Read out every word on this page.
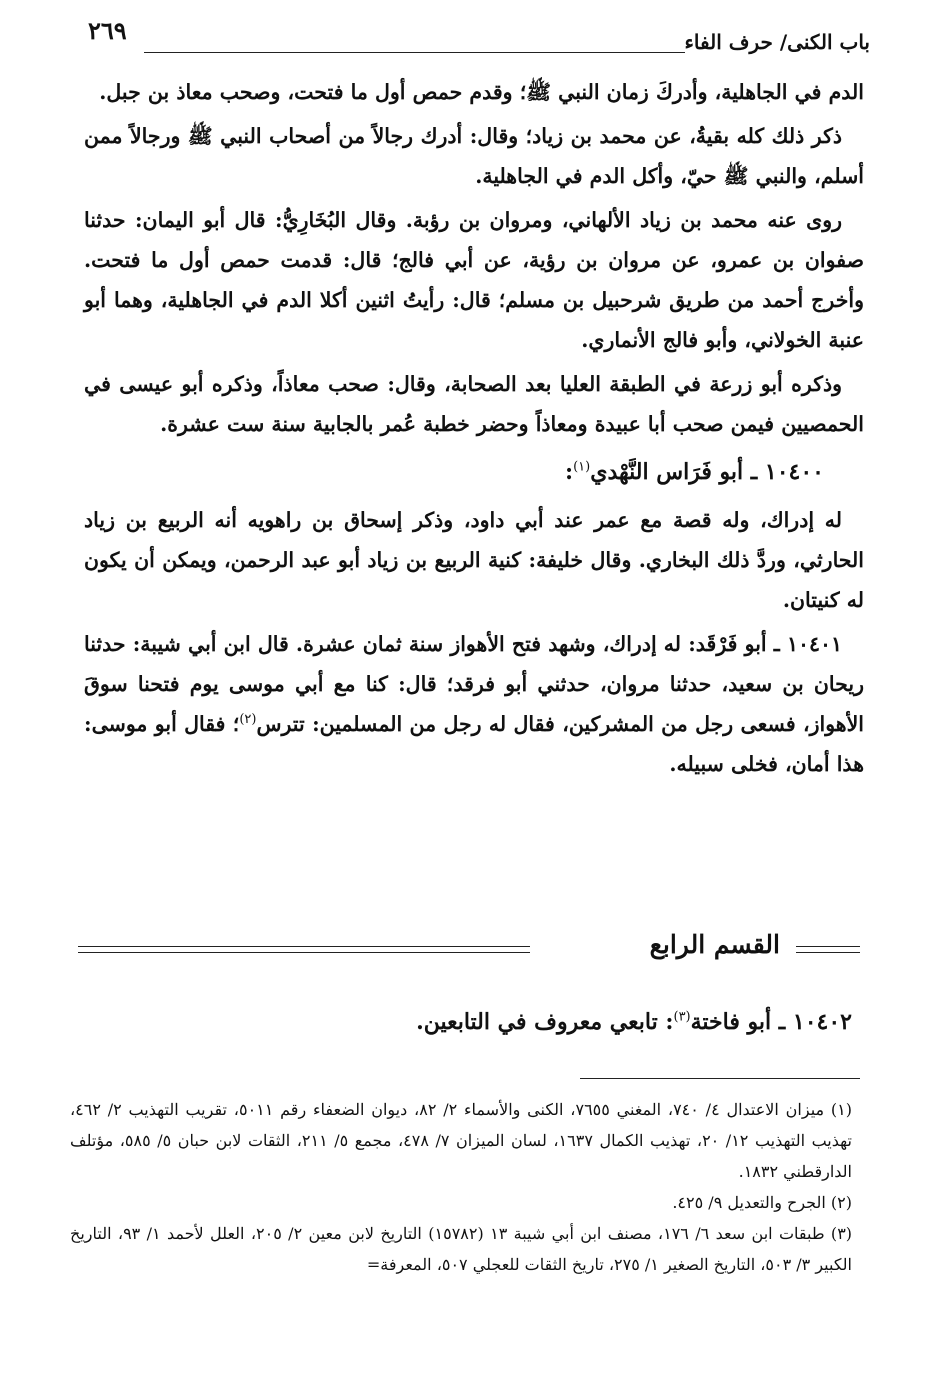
باب الكنى/ حرف الفاء
٢٦٩

الدم في الجاهلية، وأدركَ زمان النبي ﷺ؛ وقدم حمص أول ما فتحت، وصحب معاذ بن جبل.

ذكر ذلك كله بقيةُ، عن محمد بن زياد؛ وقال: أدرك رجالاً من أصحاب النبي ﷺ ورجالاً ممن أسلم، والنبي ﷺ حيّ، وأكل الدم في الجاهلية.

روى عنه محمد بن زياد الألهاني، ومروان بن رؤبة. وقال البُخَارِيُّ: قال أبو اليمان: حدثنا صفوان بن عمرو، عن مروان بن رؤية، عن أبي فالج؛ قال: قدمت حمص أول ما فتحت. وأخرج أحمد من طريق شرحبيل بن مسلم؛ قال: رأيتُ اثنين أكلا الدم في الجاهلية، وهما أبو عنبة الخولاني، وأبو فالج الأنماري.

وذكره أبو زرعة في الطبقة العليا بعد الصحابة، وقال: صحب معاذاً، وذكره أبو عيسى في الحمصيين فيمن صحب أبا عبيدة ومعاذاً وحضر خطبة عُمر بالجابية سنة ست عشرة.

١٠٤٠٠ ـ أبو فَرَاس النَّهْدي$^{(١)}$:

له إدراك، وله قصة مع عمر عند أبي داود، وذكر إسحاق بن راهويه أنه الربيع بن زياد الحارثي، وردَّ ذلك البخاري. وقال خليفة: كنية الربيع بن زياد أبو عبد الرحمن، ويمكن أن يكون له كنيتان.

١٠٤٠١ ـ أبو فَرْقَد: له إدراك، وشهد فتح الأهواز سنة ثمان عشرة. قال ابن أبي شيبة: حدثنا ريحان بن سعيد، حدثنا مروان، حدثني أبو فرقد؛ قال: كنا مع أبي موسى يوم فتحنا سوقَ الأهواز، فسعى رجل من المشركين، فقال له رجل من المسلمين: تترس$^{(٢)}$؛ فقال أبو موسى: هذا أمان، فخلى سبيله.

القسم الرابع
١٠٤٠٢ ـ أبو فاختة$^{(٣)}$: تابعي معروف في التابعين.

(١) ميزان الاعتدال ٤/ ٧٤٠، المغني ٧٦٥٥، الكنى والأسماء ٢/ ٨٢، ديوان الضعفاء رقم ٥٠١١، تقريب التهذيب ٢/ ٤٦٢، تهذيب التهذيب ١٢/ ٢٠، تهذيب الكمال ١٦٣٧، لسان الميزان ٧/ ٤٧٨، مجمع ٥/ ٢١١، الثقات لابن حبان ٥/ ٥٨٥، مؤتلف الدارقطني ١٨٣٢.

(٢) الجرح والتعديل ٩/ ٤٢٥.

(٣) طبقات ابن سعد ٦/ ١٧٦، مصنف ابن أبي شيبة ١٣ (١٥٧٨٢) التاريخ لابن معين ٢/ ٢٠٥، العلل لأحمد ١/ ٩٣، التاريخ الكبير ٣/ ٥٠٣، التاريخ الصغير ١/ ٢٧٥، تاريخ الثقات للعجلي ٥٠٧، المعرفة=
